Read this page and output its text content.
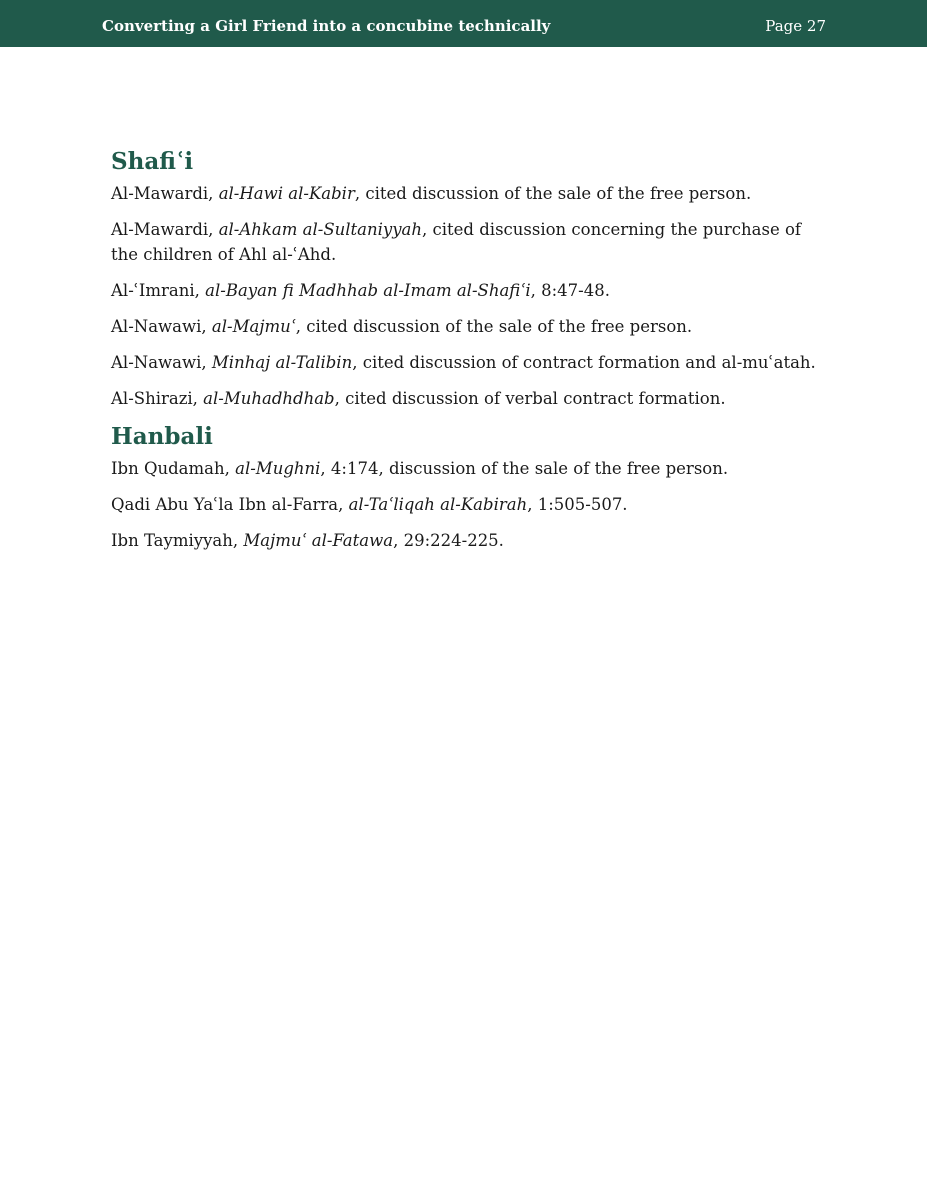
Converting a Girl Friend into a concubine technically	Page 27
Shafiʿi

Al-Mawardi, al-Hawi al-Kabir, cited discussion of the sale of the free person.

Al-Mawardi, al-Ahkam al-Sultaniyyah, cited discussion concerning the purchase of the children of Ahl al-ʿAhd.

Al-ʿImrani, al-Bayan fi Madhhab al-Imam al-Shafiʿi, 8:47-48.

Al-Nawawi, al-Majmuʿ, cited discussion of the sale of the free person.

Al-Nawawi, Minhaj al-Talibin, cited discussion of contract formation and al-muʿatah.

Al-Shirazi, al-Muhadhdhab, cited discussion of verbal contract formation.

Hanbali

Ibn Qudamah, al-Mughni, 4:174, discussion of the sale of the free person.

Qadi Abu Yaʿla Ibn al-Farra, al-Taʿliqah al-Kabirah, 1:505-507.

Ibn Taymiyyah, Majmuʿ al-Fatawa, 29:224-225.
